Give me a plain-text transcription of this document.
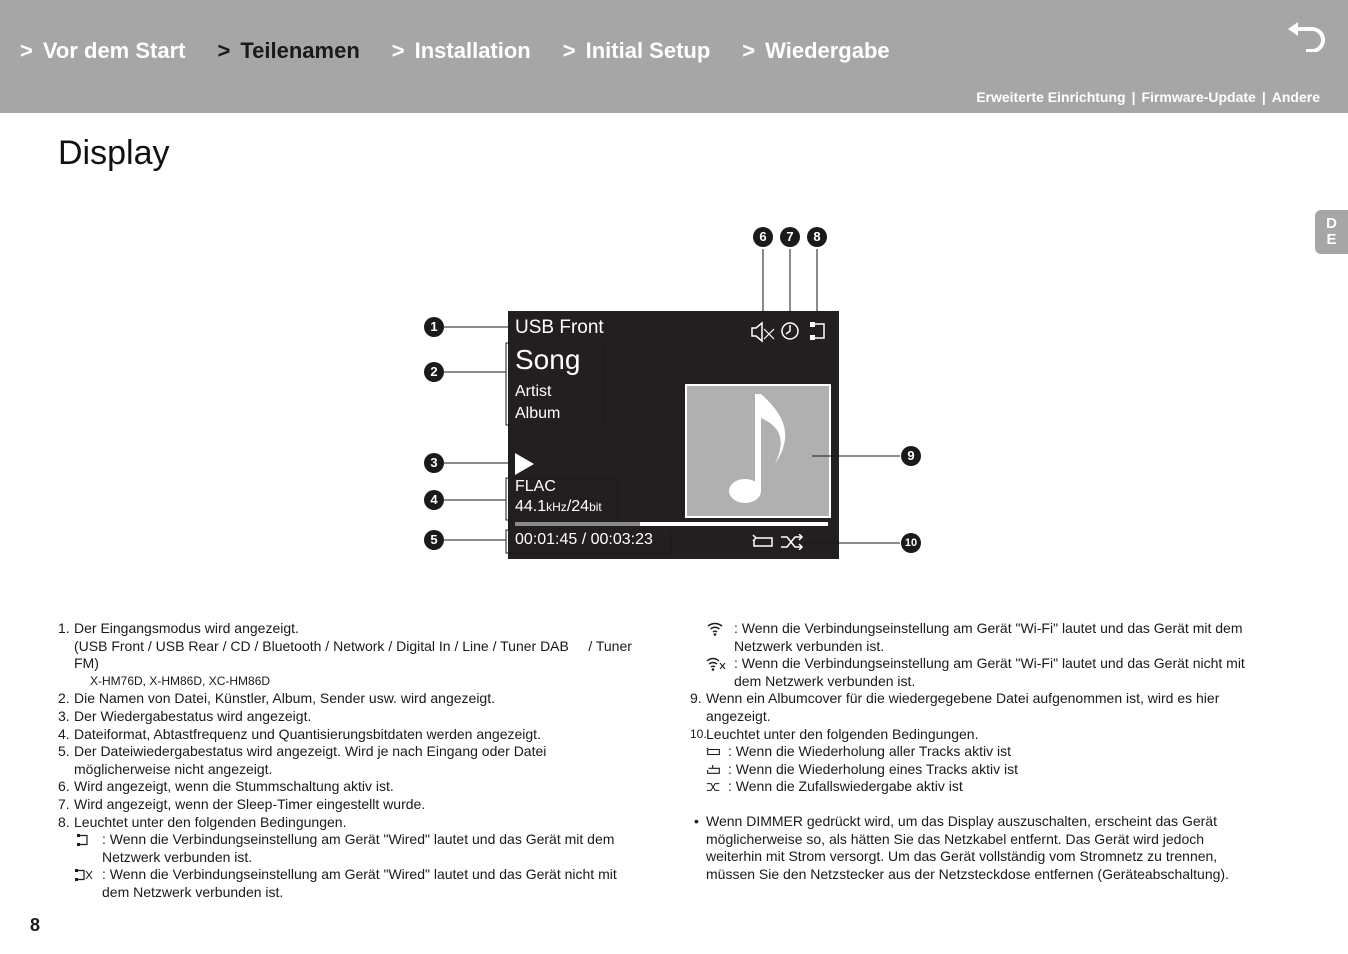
> Vor dem Start > Teilenamen > Installation > Initial Setup > Wiedergabe
Erweiterte Einrichtung | Firmware-Update | Andere
Display
D
E
USB Front
Song
Artist
Album
FLAC
44.1kHz/24bit
00:01:45 / 00:03:23
1
2
3
4
5
6	7	8
9
10
1. Der Eingangsmodus wird angezeigt.
(USB Front / USB Rear / CD / Bluetooth / Network / Digital In / Line / Tuner DAB / Tuner
FM)
X-HM76D, X-HM86D, XC-HM86D
2. Die Namen von Datei, Künstler, Album, Sender usw. wird angezeigt.
3. Der Wiedergabestatus wird angezeigt.
4. Dateiformat, Abtastfrequenz und Quantisierungsbitdaten werden angezeigt.
5. Der Dateiwiedergabestatus wird angezeigt. Wird je nach Eingang oder Datei
möglicherweise nicht angezeigt.
6. Wird angezeigt, wenn die Stummschaltung aktiv ist.
7. Wird angezeigt, wenn der Sleep-Timer eingestellt wurde.
8. Leuchtet unter den folgenden Bedingungen.
: Wenn die Verbindungseinstellung am Gerät "Wired" lautet und das Gerät mit dem
Netzwerk verbunden ist.
: Wenn die Verbindungseinstellung am Gerät "Wired" lautet und das Gerät nicht mit
dem Netzwerk verbunden ist.
: Wenn die Verbindungseinstellung am Gerät "Wi-Fi" lautet und das Gerät mit dem
Netzwerk verbunden ist.
: Wenn die Verbindungseinstellung am Gerät "Wi-Fi" lautet und das Gerät nicht mit
dem Netzwerk verbunden ist.
9. Wenn ein Albumcover für die wiedergegebene Datei aufgenommen ist, wird es hier
angezeigt.
10. Leuchtet unter den folgenden Bedingungen.
: Wenn die Wiederholung aller Tracks aktiv ist
: Wenn die Wiederholung eines Tracks aktiv ist
: Wenn die Zufallswiedergabe aktiv ist
• Wenn DIMMER gedrückt wird, um das Display auszuschalten, erscheint das Gerät
möglicherweise so, als hätten Sie das Netzkabel entfernt. Das Gerät wird jedoch
weiterhin mit Strom versorgt. Um das Gerät vollständig vom Stromnetz zu trennen,
müssen Sie den Netzstecker aus der Netzsteckdose entfernen (Geräteabschaltung).
8
